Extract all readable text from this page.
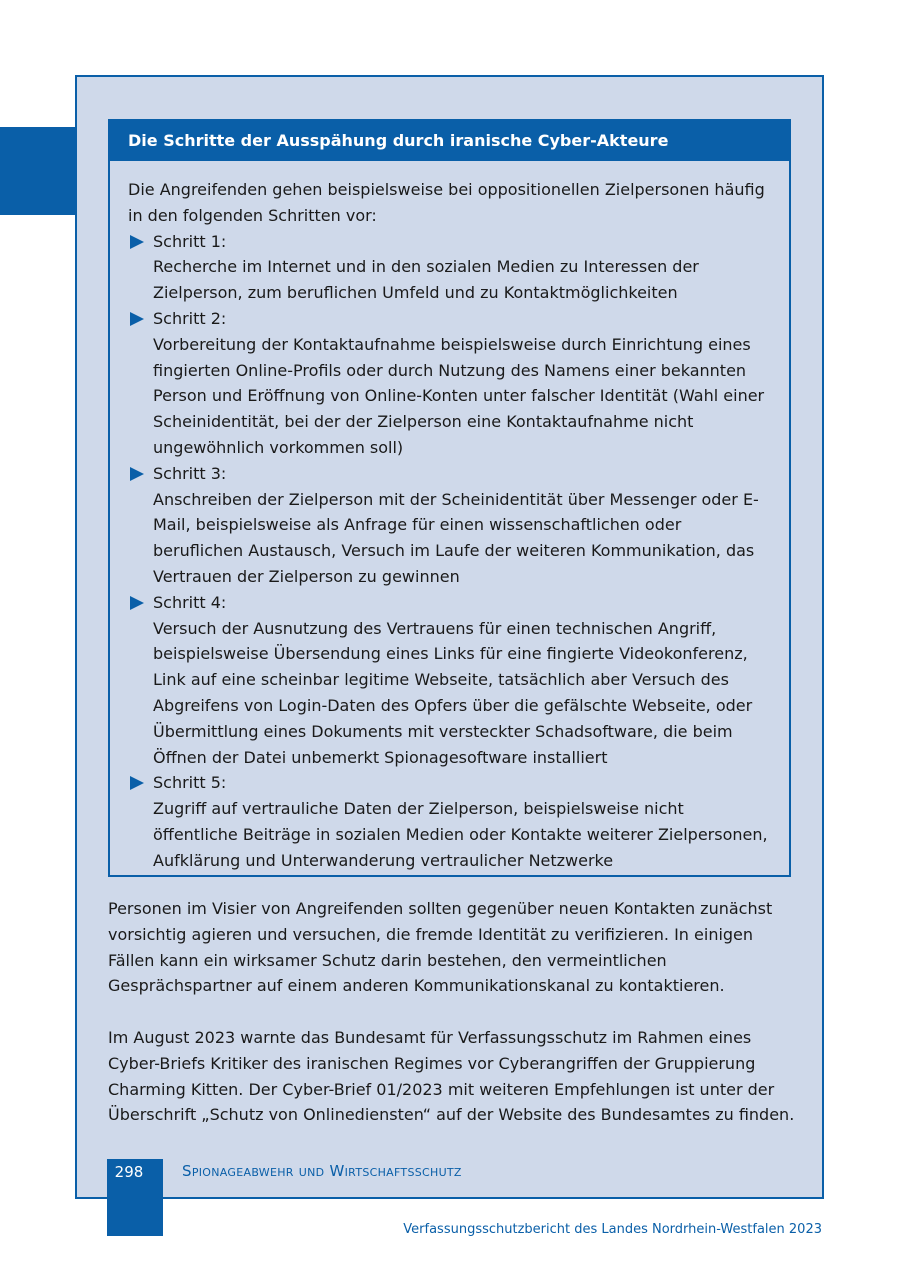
Die Schritte der Ausspähung durch iranische Cyber-Akteure

Die Angreifenden gehen beispielsweise bei oppositionellen Zielpersonen häufig in den folgenden Schritten vor:

Schritt 1:
Recherche im Internet und in den sozialen Medien zu Interessen der Zielperson, zum beruflichen Umfeld und zu Kontaktmöglichkeiten
Schritt 2:
Vorbereitung der Kontaktaufnahme beispielsweise durch Einrichtung eines fingierten Online-Profils oder durch Nutzung des Namens einer bekannten Person und Eröffnung von Online-Konten unter falscher Identität (Wahl einer Scheinidentität, bei der der Zielperson eine Kontaktaufnahme nicht ungewöhnlich vorkommen soll)
Schritt 3:
Anschreiben der Zielperson mit der Scheinidentität über Messenger oder E-Mail, beispielsweise als Anfrage für einen wissenschaftlichen oder beruflichen Austausch, Versuch im Laufe der weiteren Kommunikation, das Vertrauen der Zielperson zu gewinnen
Schritt 4:
Versuch der Ausnutzung des Vertrauens für einen technischen Angriff, beispielsweise Übersendung eines Links für eine fingierte Videokonferenz, Link auf eine scheinbar legitime Webseite, tatsächlich aber Versuch des Abgreifens von Login-Daten des Opfers über die gefälschte Webseite, oder Übermittlung eines Dokuments mit versteckter Schadsoftware, die beim Öffnen der Datei unbemerkt Spionagesoftware installiert
Schritt 5:
Zugriff auf vertrauliche Daten der Zielperson, beispielsweise nicht öffentliche Beiträge in sozialen Medien oder Kontakte weiterer Zielpersonen, Aufklärung und Unterwanderung vertraulicher Netzwerke

Personen im Visier von Angreifenden sollten gegenüber neuen Kontakten zunächst vorsichtig agieren und versuchen, die fremde Identität zu verifizieren. In einigen Fällen kann ein wirksamer Schutz darin bestehen, den vermeintlichen Gesprächspartner auf einem anderen Kommunikationskanal zu kontaktieren.

Im August 2023 warnte das Bundesamt für Verfassungsschutz im Rahmen eines Cyber-Briefs Kritiker des iranischen Regimes vor Cyberangriffen der Gruppierung Charming Kitten. Der Cyber-Brief 01/2023 mit weiteren Empfehlungen ist unter der Überschrift „Schutz von Onlinediensten“ auf der Website des Bundesamtes zu finden.

298	Spionageabwehr und Wirtschaftsschutz
Verfassungsschutzbericht des Landes Nordrhein-Westfalen 2023
